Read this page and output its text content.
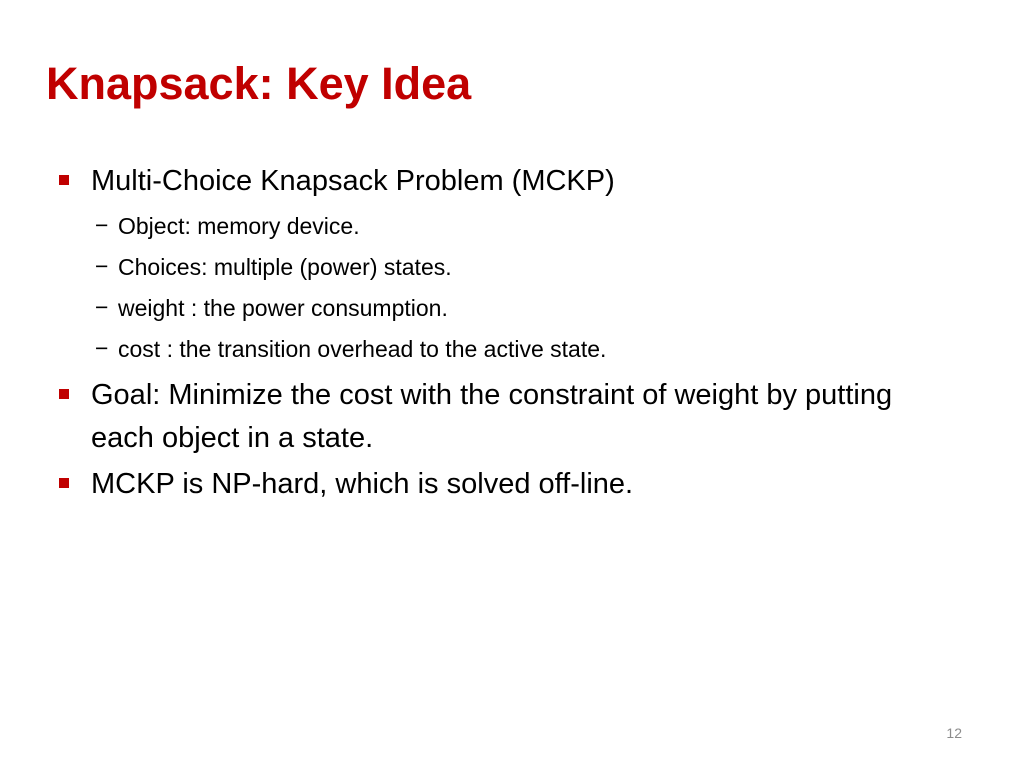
Knapsack: Key Idea
Multi-Choice Knapsack Problem (MCKP)
− Object: memory device.
− Choices: multiple (power) states.
− weight : the power consumption.
− cost : the transition overhead to the active state.
Goal: Minimize the cost with the constraint of weight by putting each object in a state.
MCKP is NP-hard, which is solved off-line.
12
